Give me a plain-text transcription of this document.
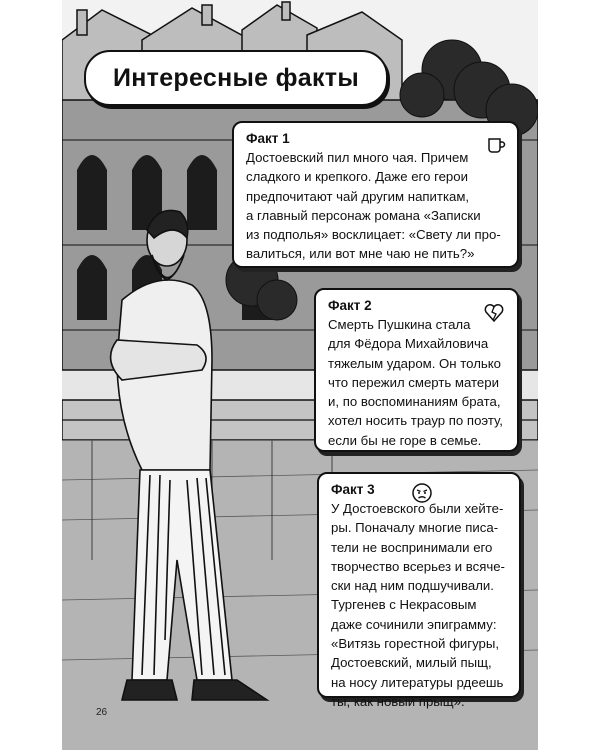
Интересные факты
Факт 1
Достоевский пил много чая. Причем
сладкого и крепкого. Даже его герои
предпочитают чай другим напиткам,
а главный персонаж романа «Записки
из подполья» восклицает: «Свету ли про-
валиться, или вот мне чаю не пить?»
Факт 2
Смерть Пушкина стала
для Фёдора Михайловича
тяжелым ударом. Он только
что пережил смерть матери
и, по воспоминаниям брата,
хотел носить траур по поэту,
если бы не горе в семье.
Факт 3
У Достоевского были хейте-
ры. Поначалу многие писа-
тели не воспринимали его
творчество всерьез и всяче-
ски над ним подшучивали.
Тургенев с Некрасовым
даже сочинили эпиграмму:
«Витязь горестной фигуры,
Достоевский, милый пыщ,
на носу литературы рдеешь
ты, как новый прыщ».
26
